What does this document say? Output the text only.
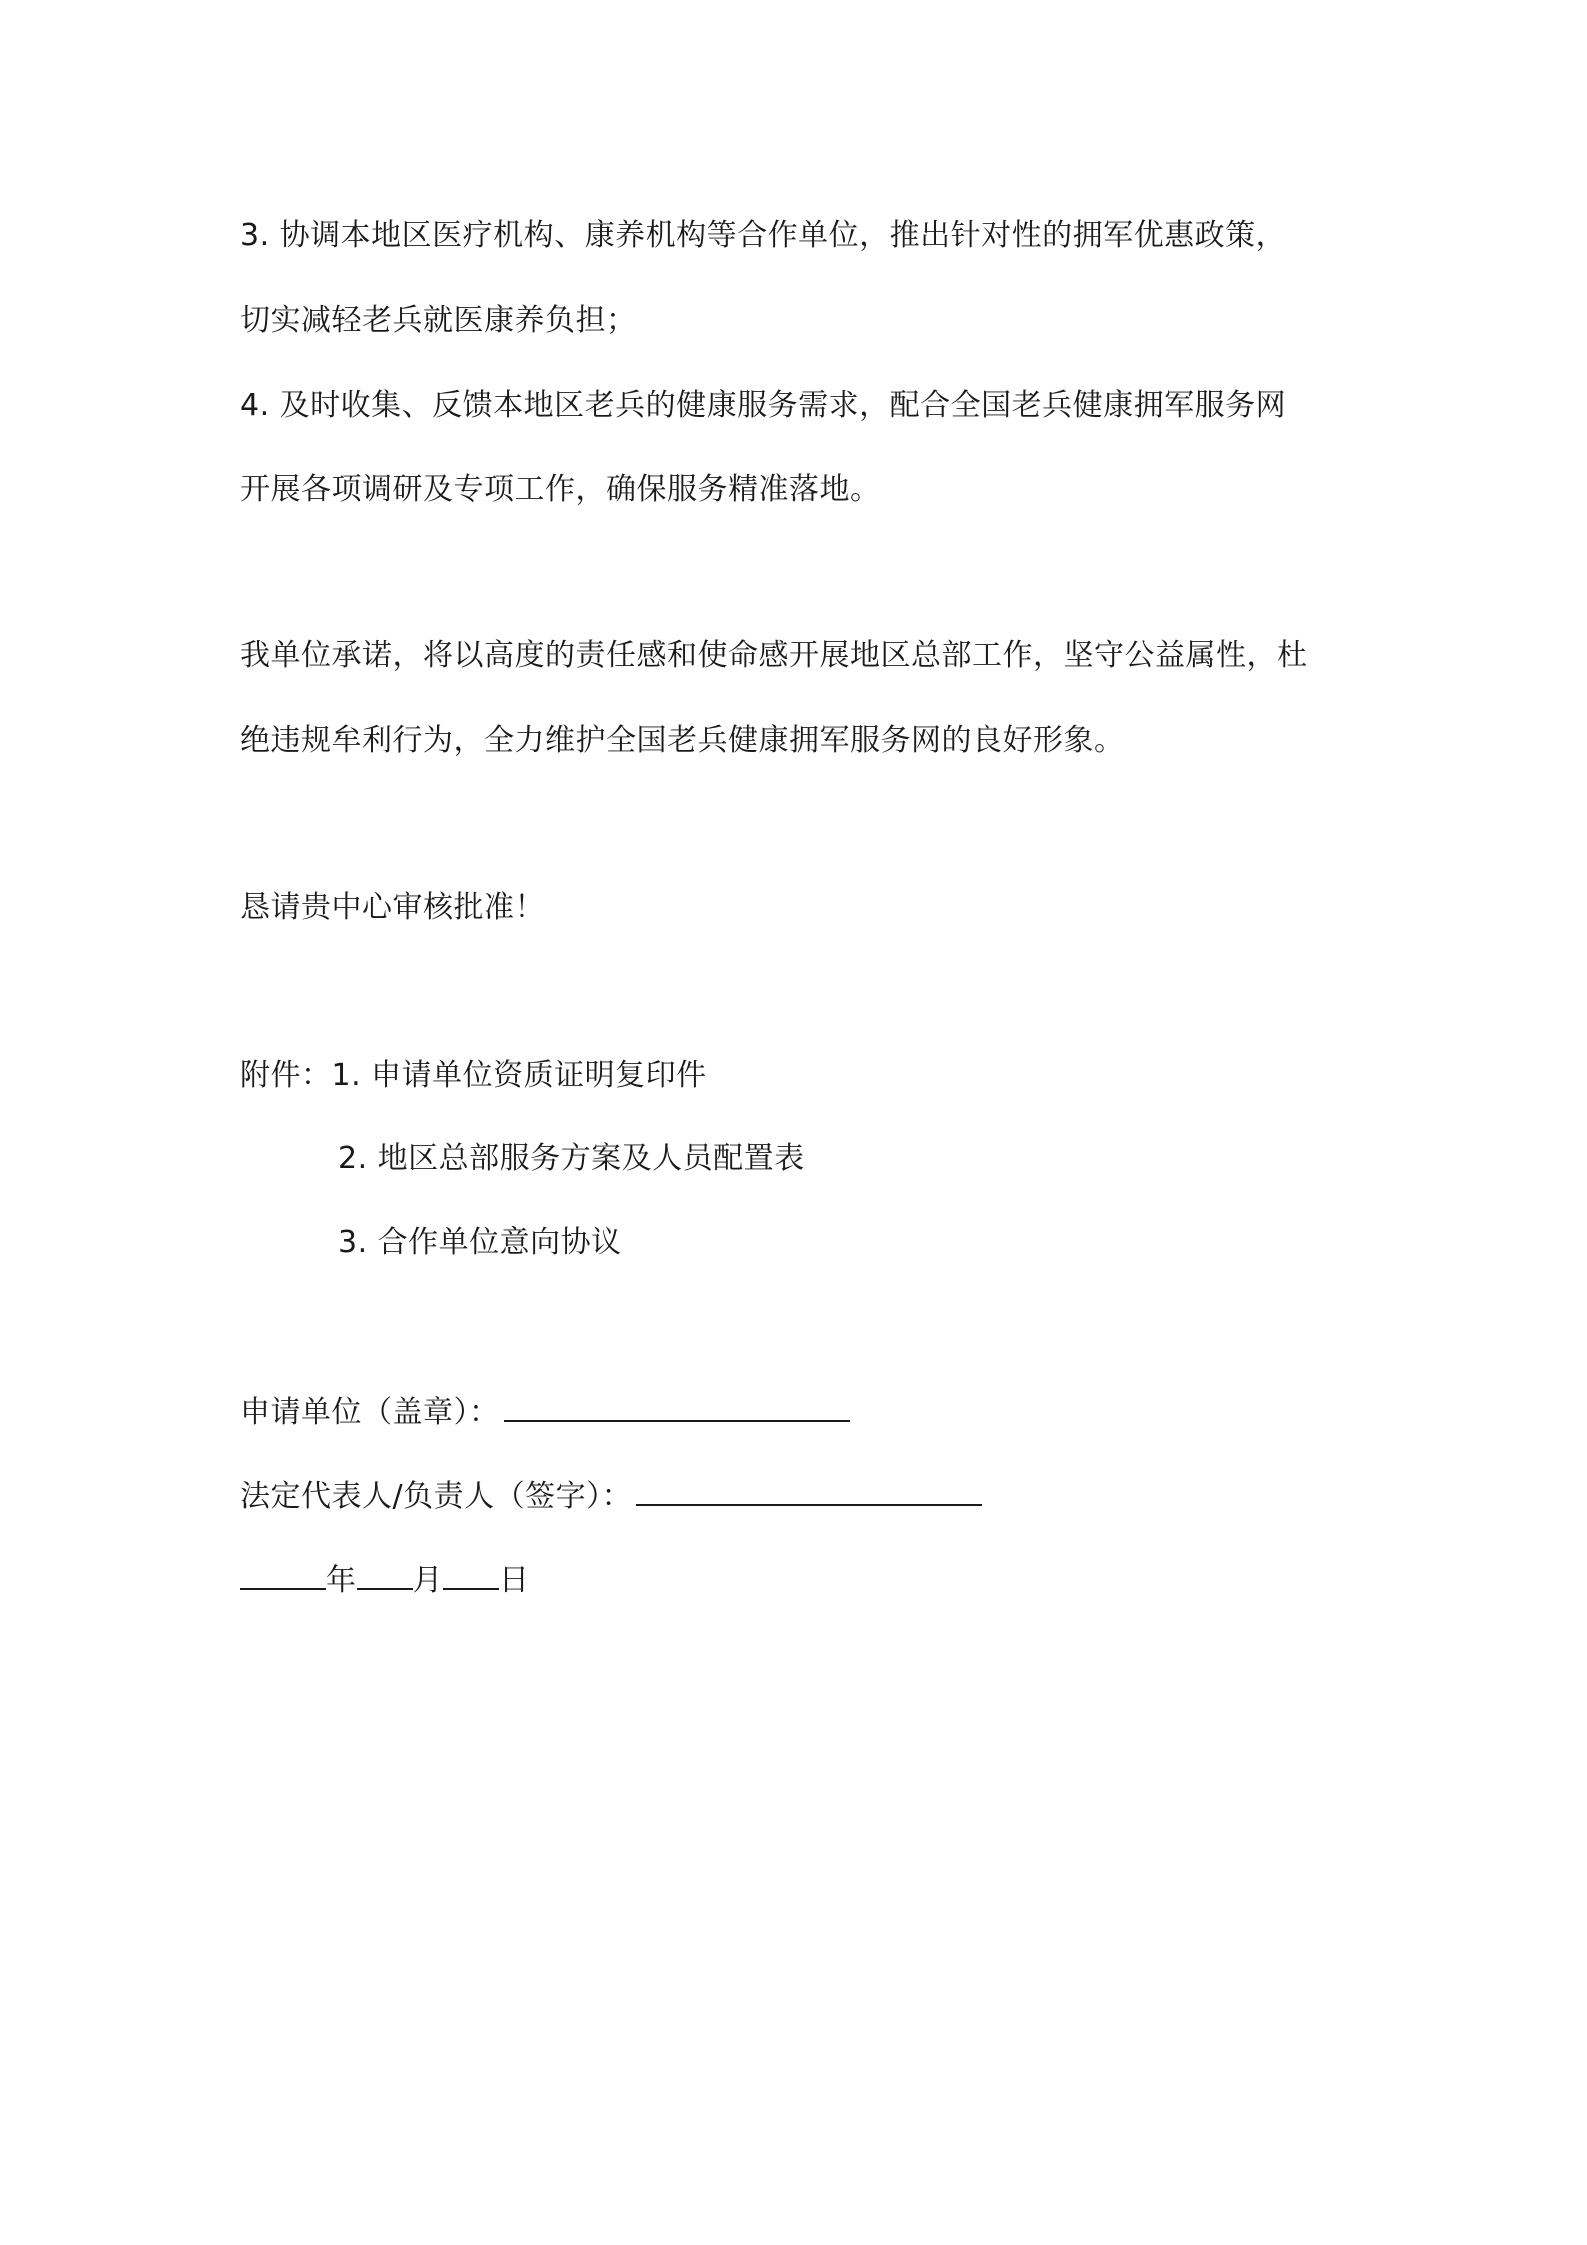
3. 协调本地区医疗机构、康养机构等合作单位，推出针对性的拥军优惠政策，
切实减轻老兵就医康养负担；
4. 及时收集、反馈本地区老兵的健康服务需求，配合全国老兵健康拥军服务网
开展各项调研及专项工作，确保服务精准落地。
我单位承诺，将以高度的责任感和使命感开展地区总部工作，坚守公益属性，杜
绝违规牟利行为，全力维护全国老兵健康拥军服务网的良好形象。
恳请贵中心审核批准！
附件：1. 申请单位资质证明复印件
2. 地区总部服务方案及人员配置表
3. 合作单位意向协议
申请单位（盖章）：
法定代表人/负责人（签字）：
年 月 日
